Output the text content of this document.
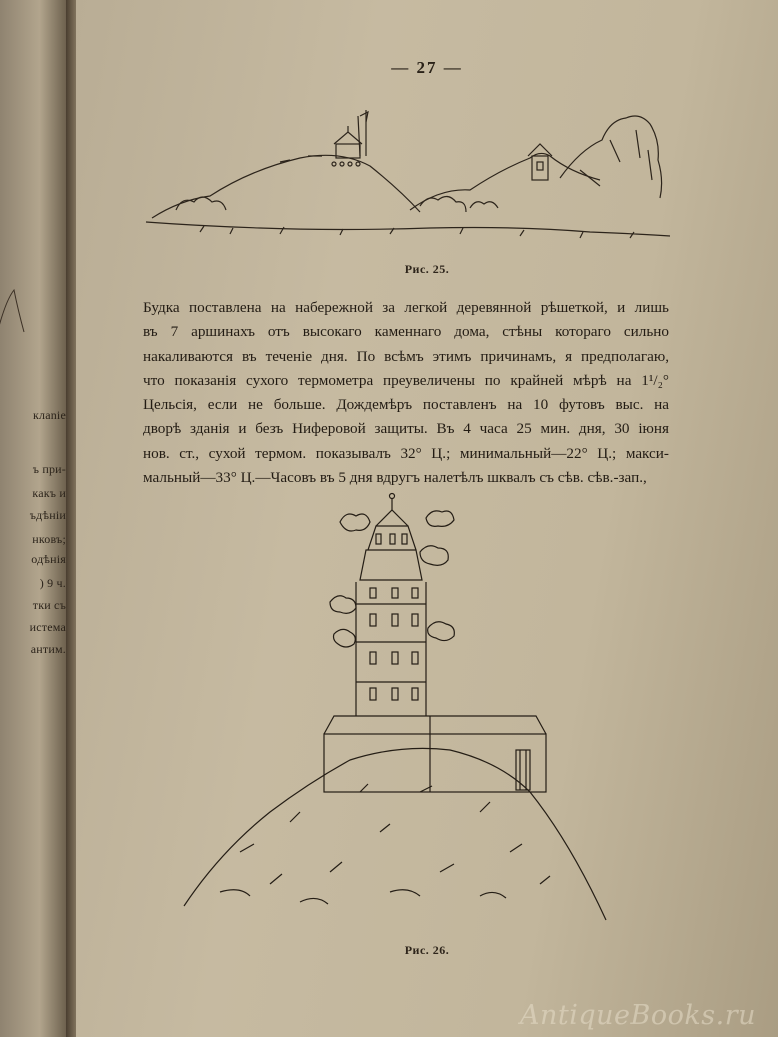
клаnie
ъ при-
какъ и
ъдѣнiи
нковъ;
одѣнiя
) 9 ч.
тки съ
истема
антим.
— 27 —
Рис. 25.
Будка поставлена на набережной за легкой деревянной рѣшеткой, и лишь
въ 7 аршинахъ отъ высокаго каменнаго дома, стѣны котораго сильно
накаливаются въ теченiе дня. По всѣмъ этимъ причинамъ, я предполагаю,
что показанiя сухого термометра преувеличены по крайней мѣрѣ на 1¹/₂°
Цельсiя, если не больше. Дождемѣръ поставленъ на 10 футовъ выс. на
дворѣ зданiя и безъ Ниферовой защиты. Въ 4 часа 25 мин. дня, 30 iюня
нов. ст., сухой термом. показывалъ 32° Ц.; минимальный—22° Ц.; макси-
мальный—33° Ц.—Часовъ въ 5 дня вдругъ налетѣлъ шквалъ съ сѣв. сѣв.-зап.,
Рис. 26.
AntiqueBooks.ru
